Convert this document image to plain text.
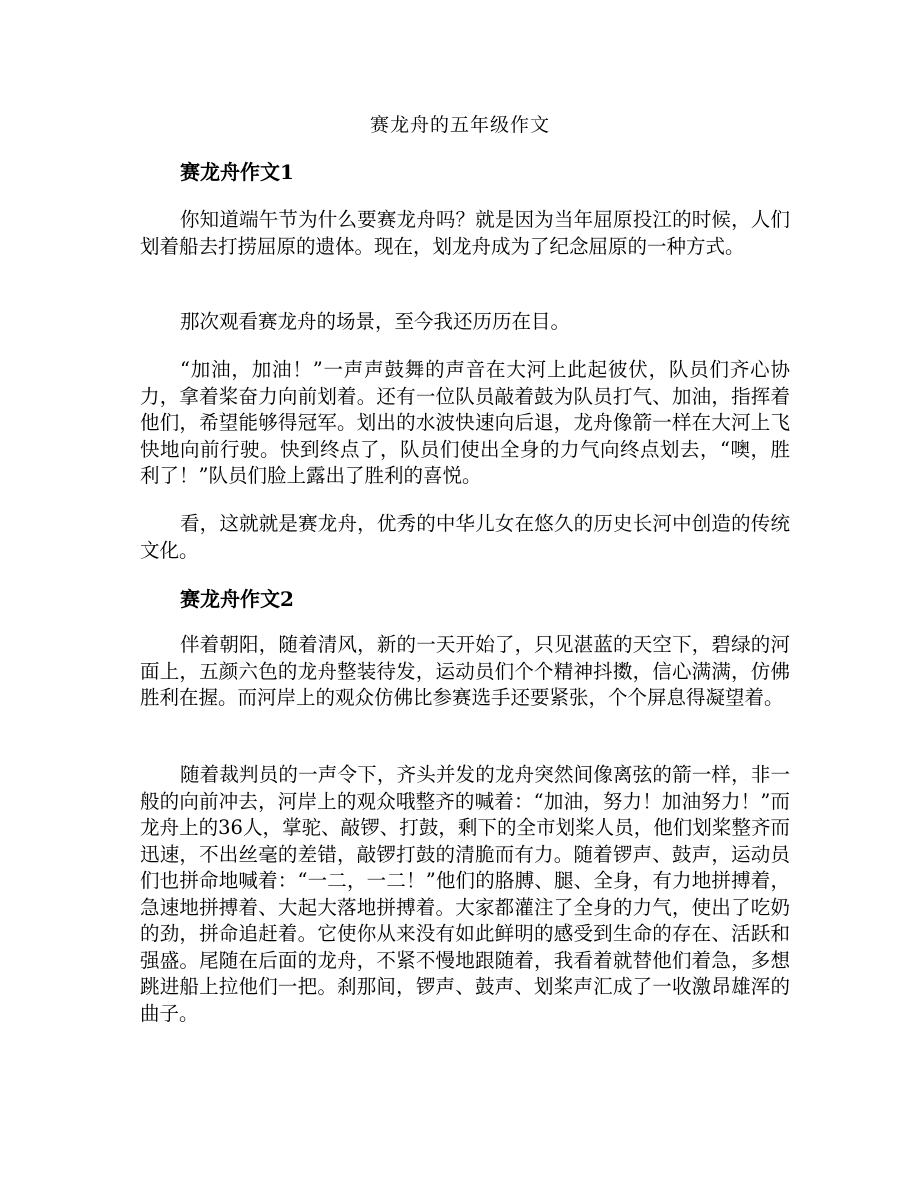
赛龙舟的五年级作文
赛龙舟作文1

你知道端午节为什么要赛龙舟吗？就是因为当年屈原投江的时候，人们划着船去打捞屈原的遗体。现在，划龙舟成为了纪念屈原的一种方式。

那次观看赛龙舟的场景，至今我还历历在目。

“加油，加油！”一声声鼓舞的声音在大河上此起彼伏，队员们齐心协力，拿着桨奋力向前划着。还有一位队员敲着鼓为队员打气、加油，指挥着他们，希望能够得冠军。划出的水波快速向后退，龙舟像箭一样在大河上飞快地向前行驶。快到终点了，队员们使出全身的力气向终点划去，“噢，胜利了！”队员们脸上露出了胜利的喜悦。

看，这就就是赛龙舟，优秀的中华儿女在悠久的历史长河中创造的传统文化。

赛龙舟作文2

伴着朝阳，随着清风，新的一天开始了，只见湛蓝的天空下，碧绿的河面上，五颜六色的龙舟整装待发，运动员们个个精神抖擞，信心满满，仿佛胜利在握。而河岸上的观众仿佛比参赛选手还要紧张，个个屏息得凝望着。

随着裁判员的一声令下，齐头并发的龙舟突然间像离弦的箭一样，非一般的向前冲去，河岸上的观众哦整齐的喊着：“加油，努力！加油努力！”而龙舟上的36人，掌驼、敲锣、打鼓，剩下的全市划桨人员，他们划桨整齐而迅速，不出丝毫的差错，敲锣打鼓的清脆而有力。随着锣声、鼓声，运动员们也拼命地喊着：“一二，一二！”他们的胳膊、腿、全身，有力地拼搏着，急速地拼搏着、大起大落地拼搏着。大家都灌注了全身的力气，使出了吃奶的劲，拼命追赶着。它使你从来没有如此鲜明的感受到生命的存在、活跃和强盛。尾随在后面的龙舟，不紧不慢地跟随着，我看着就替他们着急，多想跳进船上拉他们一把。刹那间，锣声、鼓声、划桨声汇成了一收激昂雄浑的曲子。
